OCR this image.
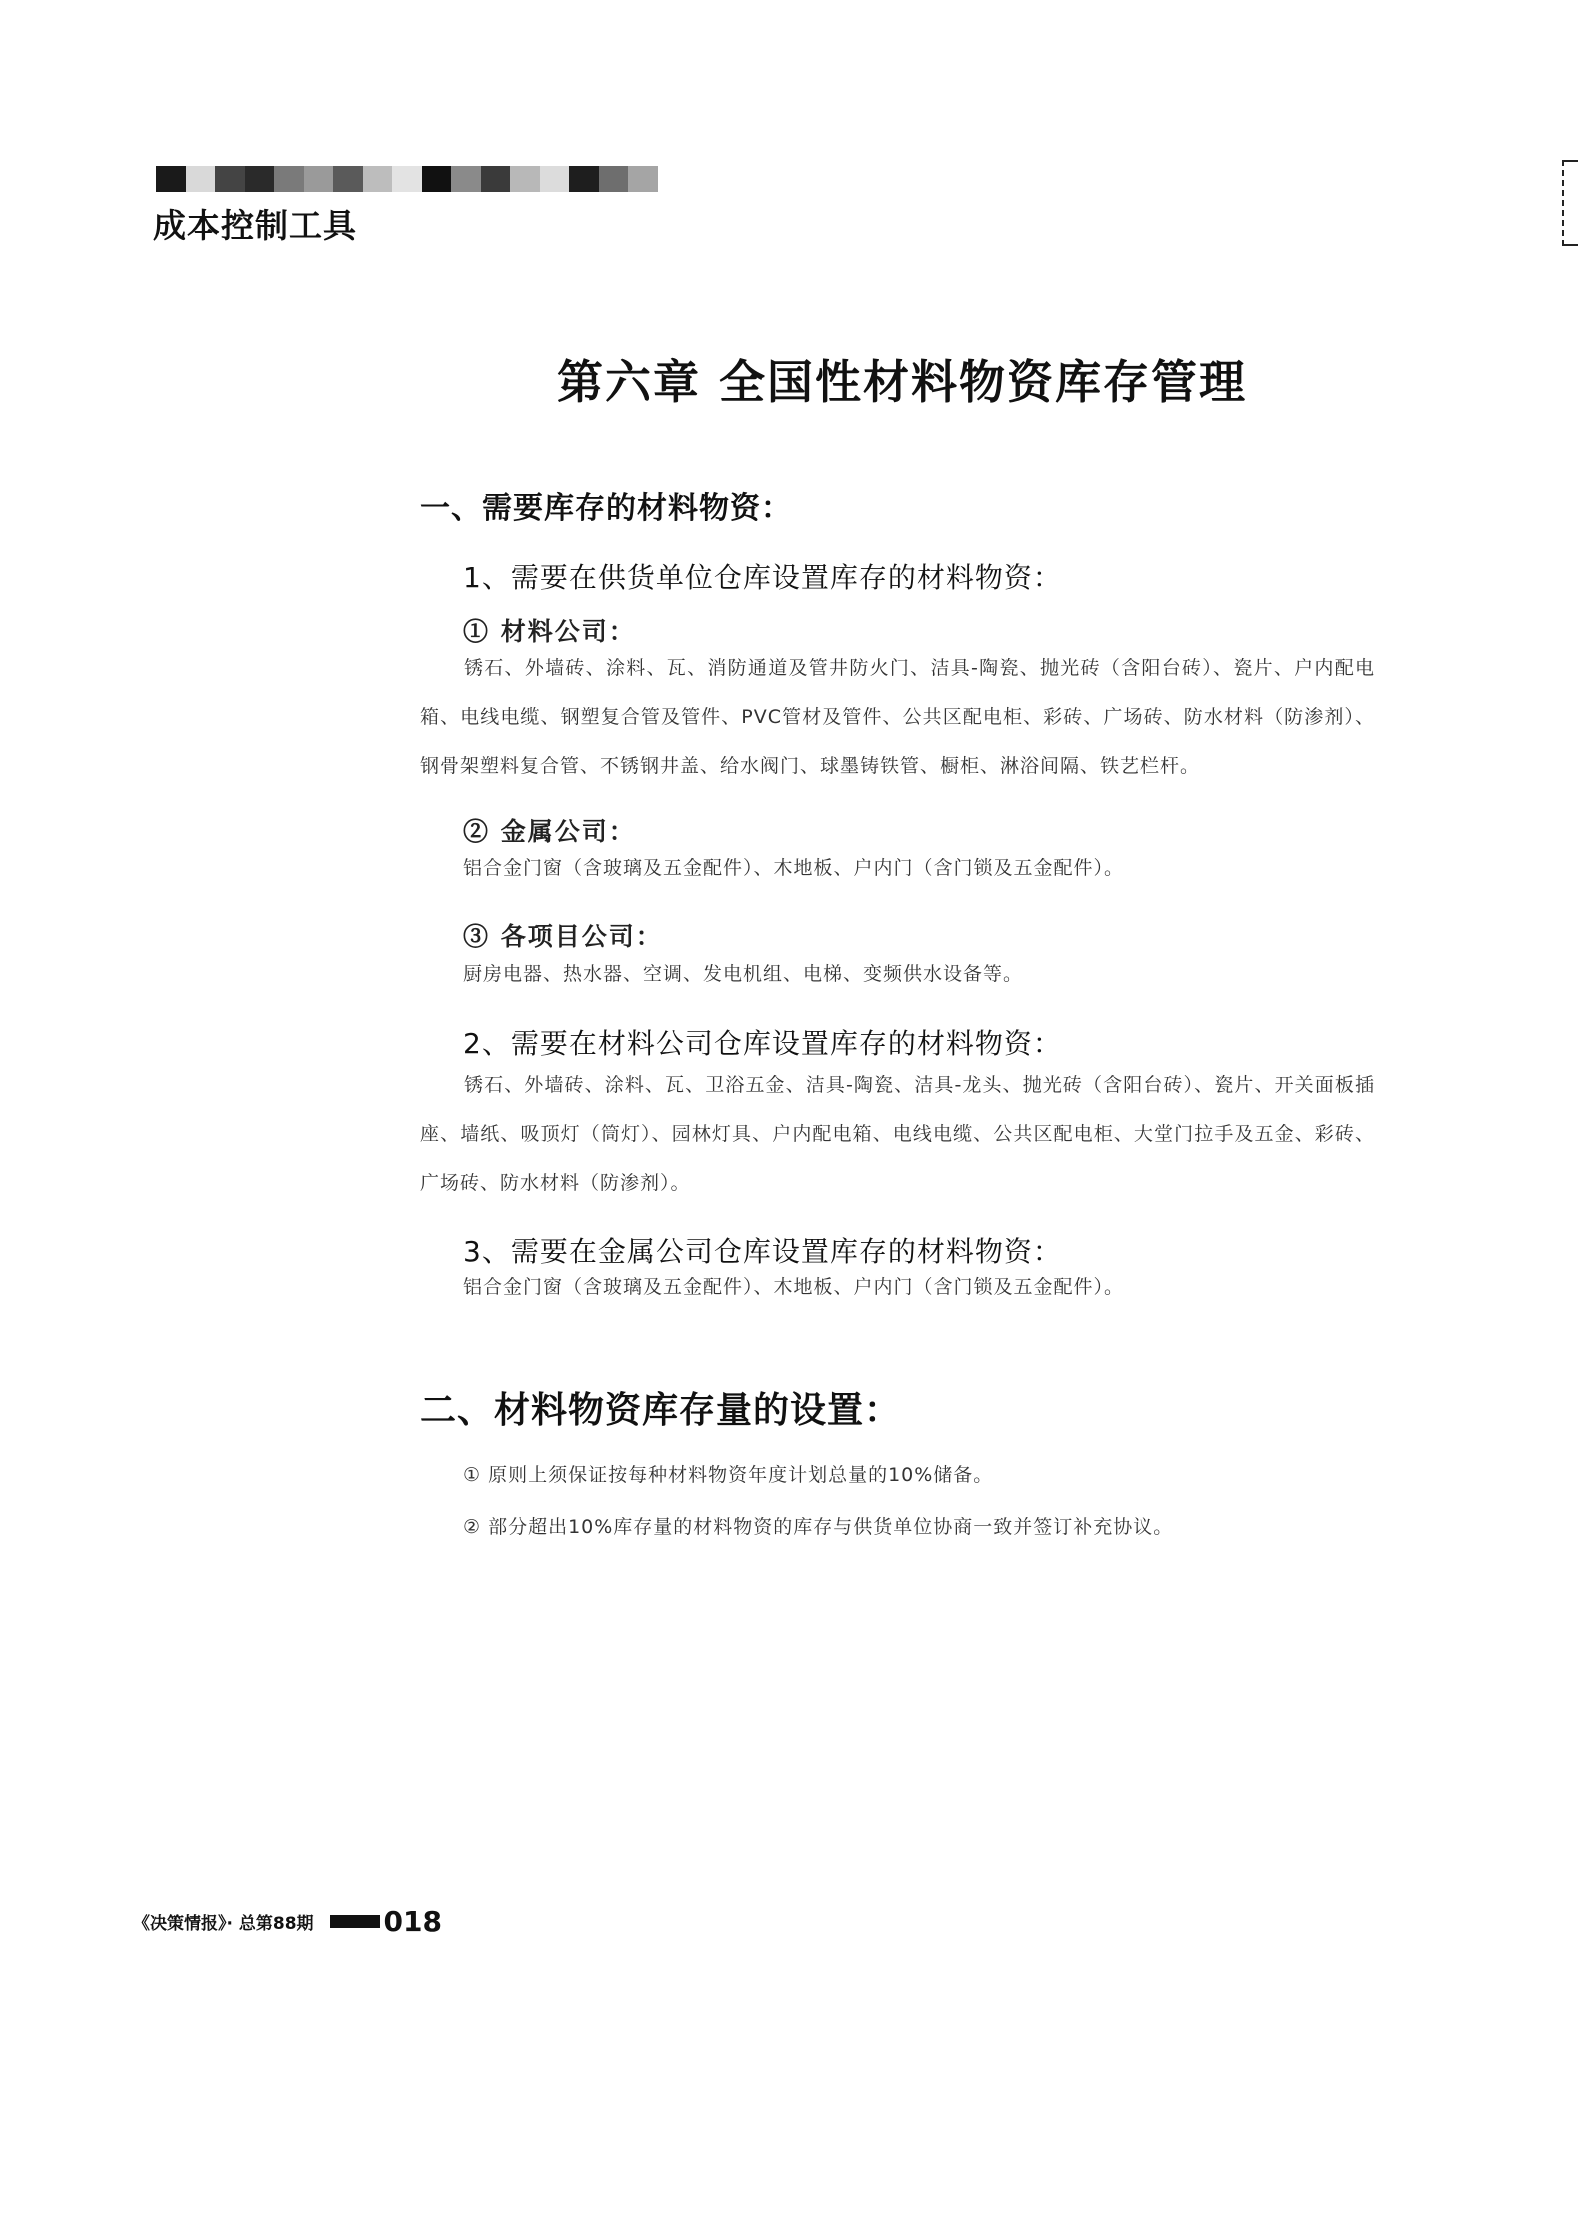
成本控制工具
第六章 全国性材料物资库存管理
一、需要库存的材料物资：
1、需要在供货单位仓库设置库存的材料物资：
① 材料公司：
锈石、外墙砖、涂料、瓦、消防通道及管井防火门、洁具-陶瓷、抛光砖（含阳台砖）、瓷片、户内配电箱、电线电缆、钢塑复合管及管件、PVC管材及管件、公共区配电柜、彩砖、广场砖、防水材料（防渗剂）、钢骨架塑料复合管、不锈钢井盖、给水阀门、球墨铸铁管、橱柜、淋浴间隔、铁艺栏杆。
② 金属公司：
铝合金门窗（含玻璃及五金配件）、木地板、户内门（含门锁及五金配件）。
③ 各项目公司：
厨房电器、热水器、空调、发电机组、电梯、变频供水设备等。
2、需要在材料公司仓库设置库存的材料物资：
锈石、外墙砖、涂料、瓦、卫浴五金、洁具-陶瓷、洁具-龙头、抛光砖（含阳台砖）、瓷片、开关面板插座、墙纸、吸顶灯（筒灯）、园林灯具、户内配电箱、电线电缆、公共区配电柜、大堂门拉手及五金、彩砖、广场砖、防水材料（防渗剂）。
3、需要在金属公司仓库设置库存的材料物资：
铝合金门窗（含玻璃及五金配件）、木地板、户内门（含门锁及五金配件）。
二、材料物资库存量的设置：
① 原则上须保证按每种材料物资年度计划总量的10%储备。
② 部分超出10%库存量的材料物资的库存与供货单位协商一致并签订补充协议。
《决策情报》· 总第88期	018
